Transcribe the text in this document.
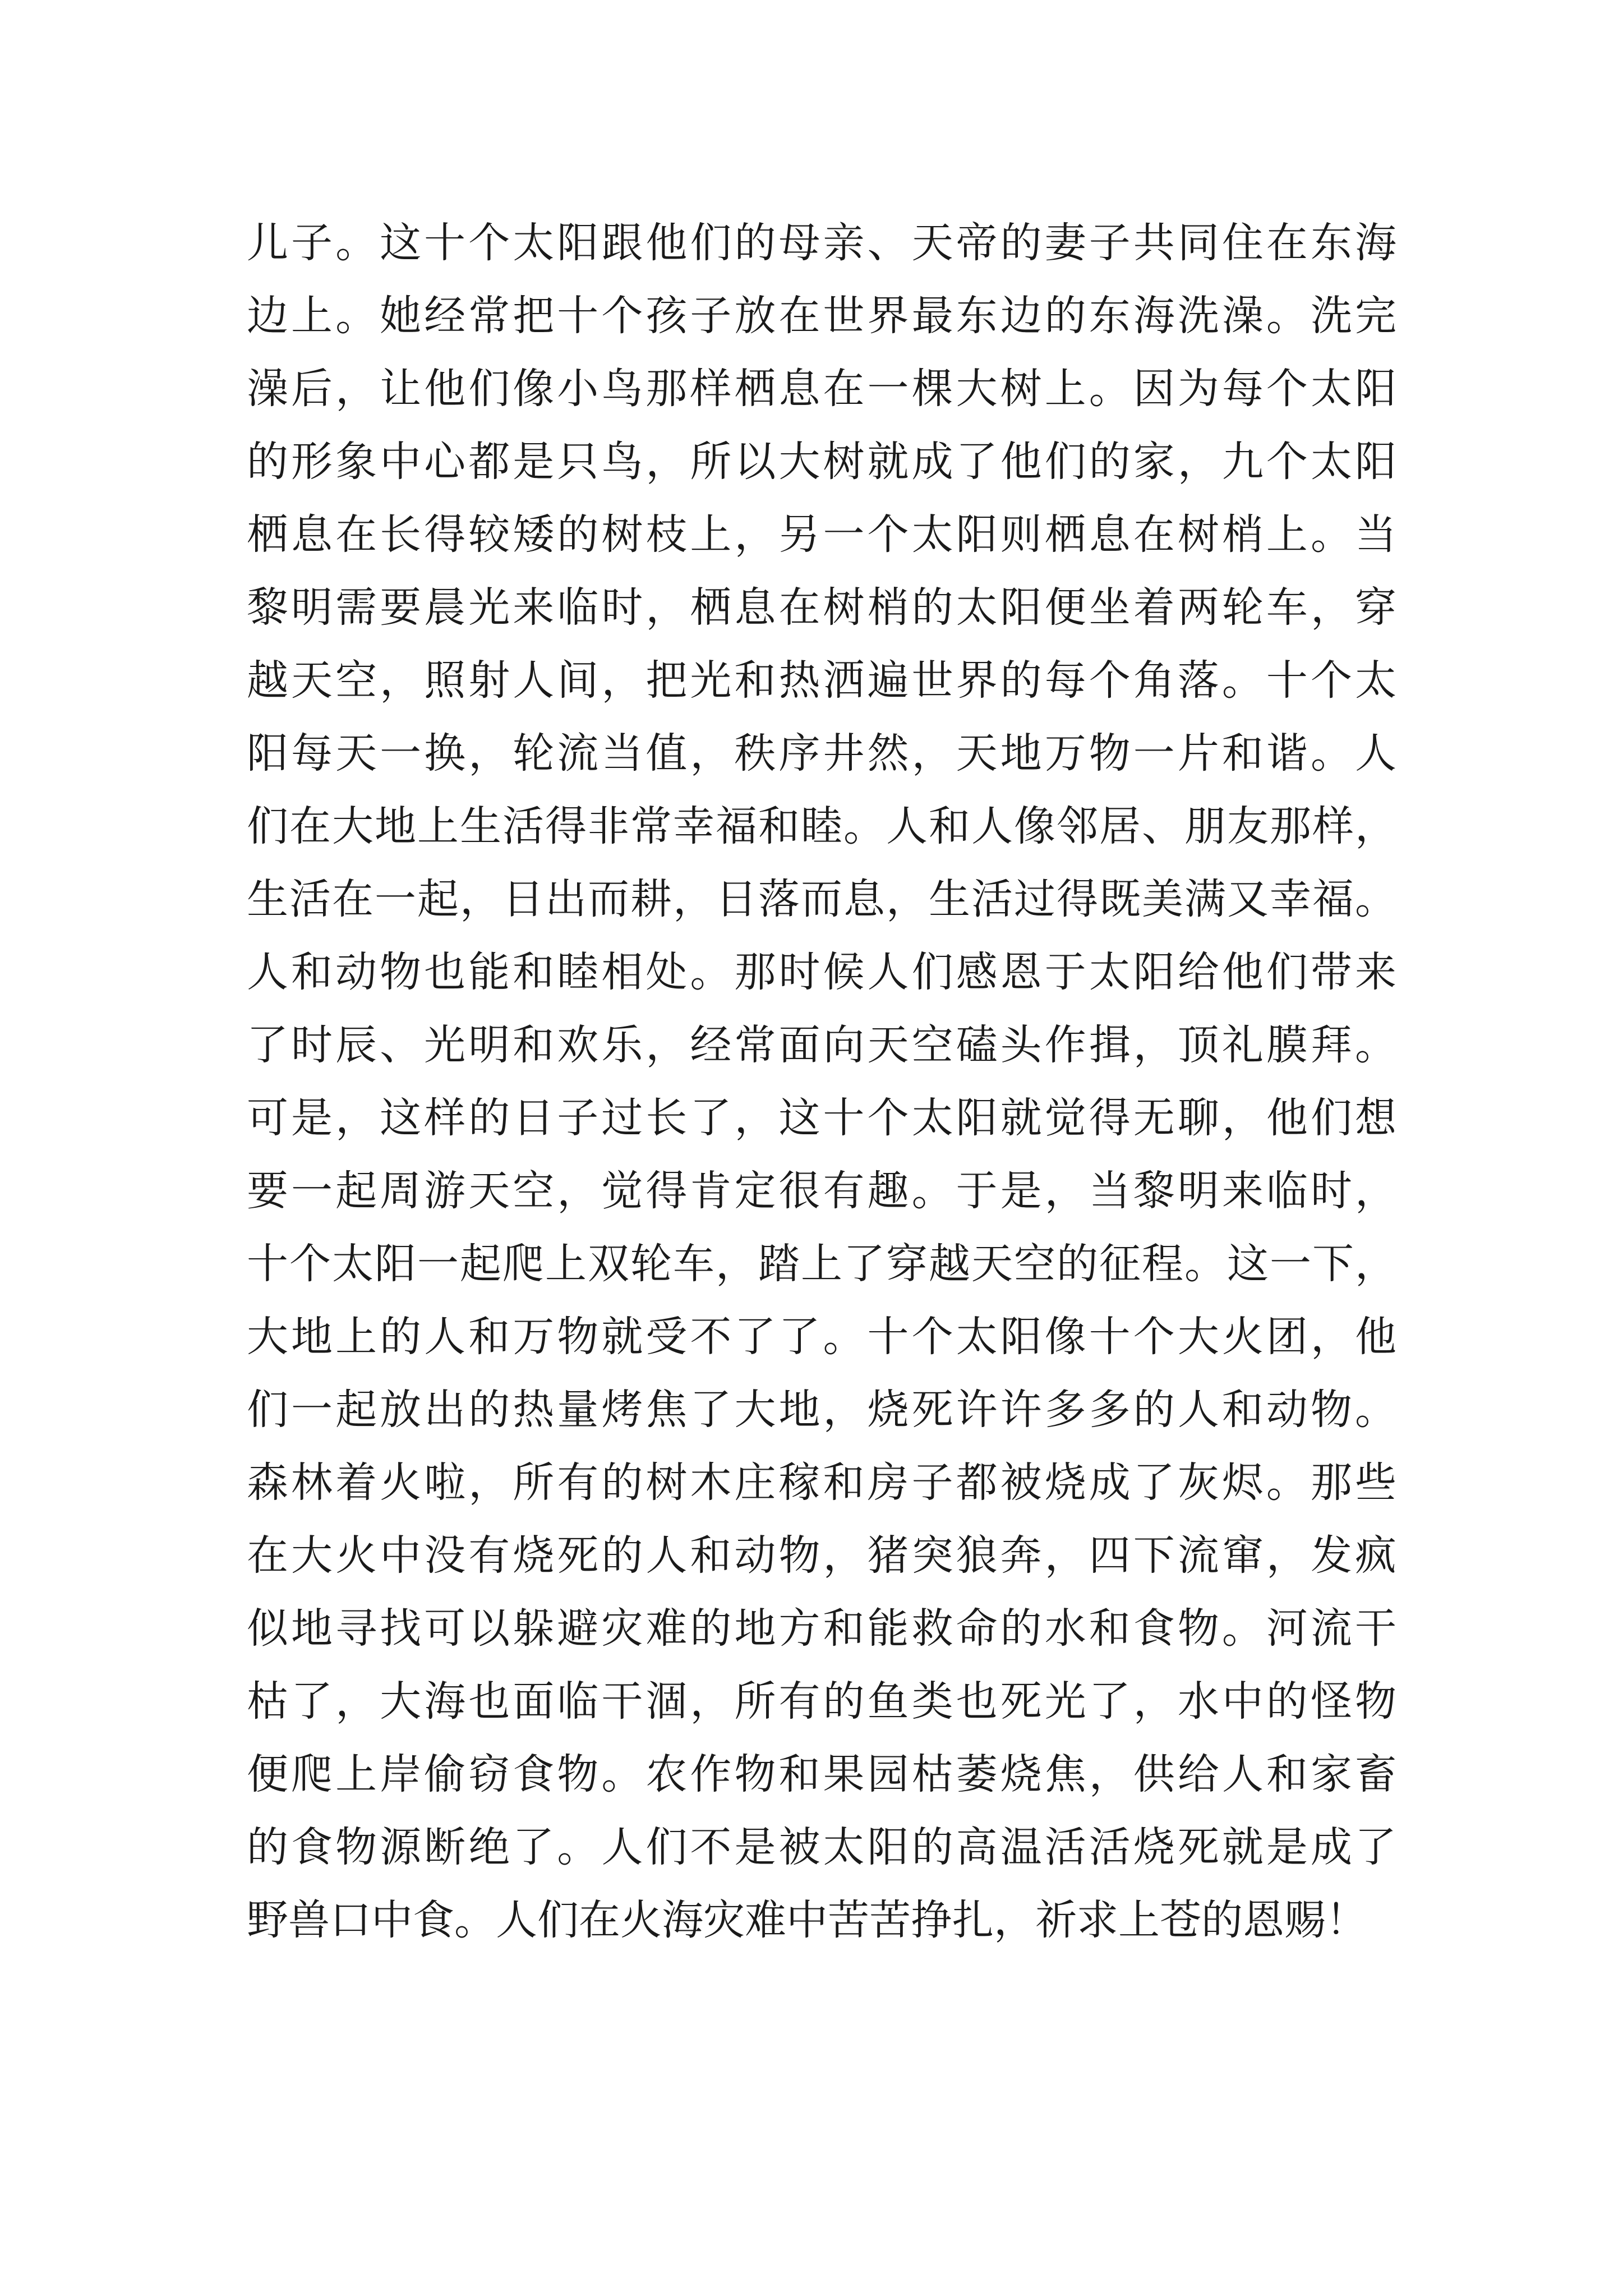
儿子。这十个太阳跟他们的母亲、天帝的妻子共同住在东海
边上。她经常把十个孩子放在世界最东边的东海洗澡。洗完
澡后，让他们像小鸟那样栖息在一棵大树上。因为每个太阳
的形象中心都是只鸟，所以大树就成了他们的家，九个太阳
栖息在长得较矮的树枝上，另一个太阳则栖息在树梢上。当
黎明需要晨光来临时，栖息在树梢的太阳便坐着两轮车，穿
越天空，照射人间，把光和热洒遍世界的每个角落。十个太
阳每天一换，轮流当值，秩序井然，天地万物一片和谐。人
们在大地上生活得非常幸福和睦。人和人像邻居、朋友那样，
生活在一起，日出而耕，日落而息，生活过得既美满又幸福。
人和动物也能和睦相处。那时候人们感恩于太阳给他们带来
了时辰、光明和欢乐，经常面向天空磕头作揖，顶礼膜拜。
可是，这样的日子过长了，这十个太阳就觉得无聊，他们想
要一起周游天空，觉得肯定很有趣。于是，当黎明来临时，
十个太阳一起爬上双轮车，踏上了穿越天空的征程。这一下，
大地上的人和万物就受不了了。十个太阳像十个大火团，他
们一起放出的热量烤焦了大地，烧死许许多多的人和动物。
森林着火啦，所有的树木庄稼和房子都被烧成了灰烬。那些
在大火中没有烧死的人和动物，猪突狼奔，四下流窜，发疯
似地寻找可以躲避灾难的地方和能救命的水和食物。河流干
枯了，大海也面临干涸，所有的鱼类也死光了，水中的怪物
便爬上岸偷窃食物。农作物和果园枯萎烧焦，供给人和家畜
的食物源断绝了。人们不是被太阳的高温活活烧死就是成了
野兽口中食。人们在火海灾难中苦苦挣扎，祈求上苍的恩赐！
